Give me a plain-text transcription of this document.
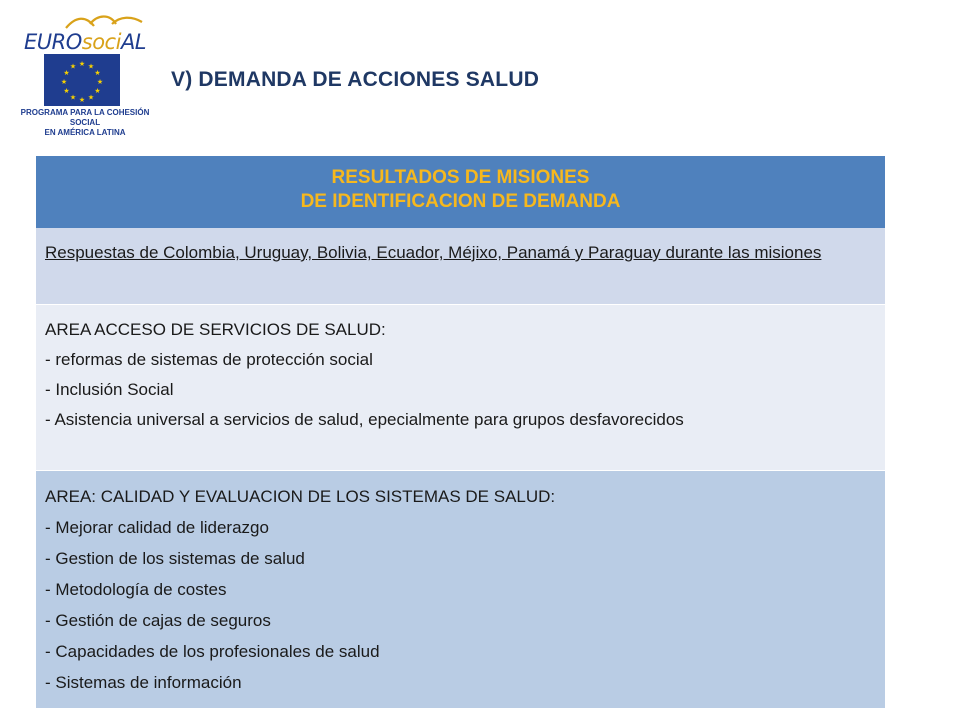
EUROsociAL
★ ★
★
★
★
★
★
★
★
★
★
★
PROGRAMA PARA LA COHESIÓN SOCIAL
EN AMÉRICA LATINA
V) DEMANDA DE ACCIONES SALUD
RESULTADOS DE MISIONES
DE IDENTIFICACION DE DEMANDA
Respuestas de Colombia, Uruguay, Bolivia, Ecuador, Méjixo, Panamá y Paraguay durante las misiones
AREA ACCESO DE SERVICIOS DE SALUD:
- reformas de sistemas de protección social
- Inclusión Social
- Asistencia universal a servicios de salud, epecialmente para grupos desfavorecidos
AREA: CALIDAD Y EVALUACION DE LOS SISTEMAS DE SALUD:
- Mejorar calidad de liderazgo
- Gestion de los sistemas de salud
- Metodología de costes
- Gestión de cajas de seguros
- Capacidades de los profesionales de salud
- Sistemas de información
